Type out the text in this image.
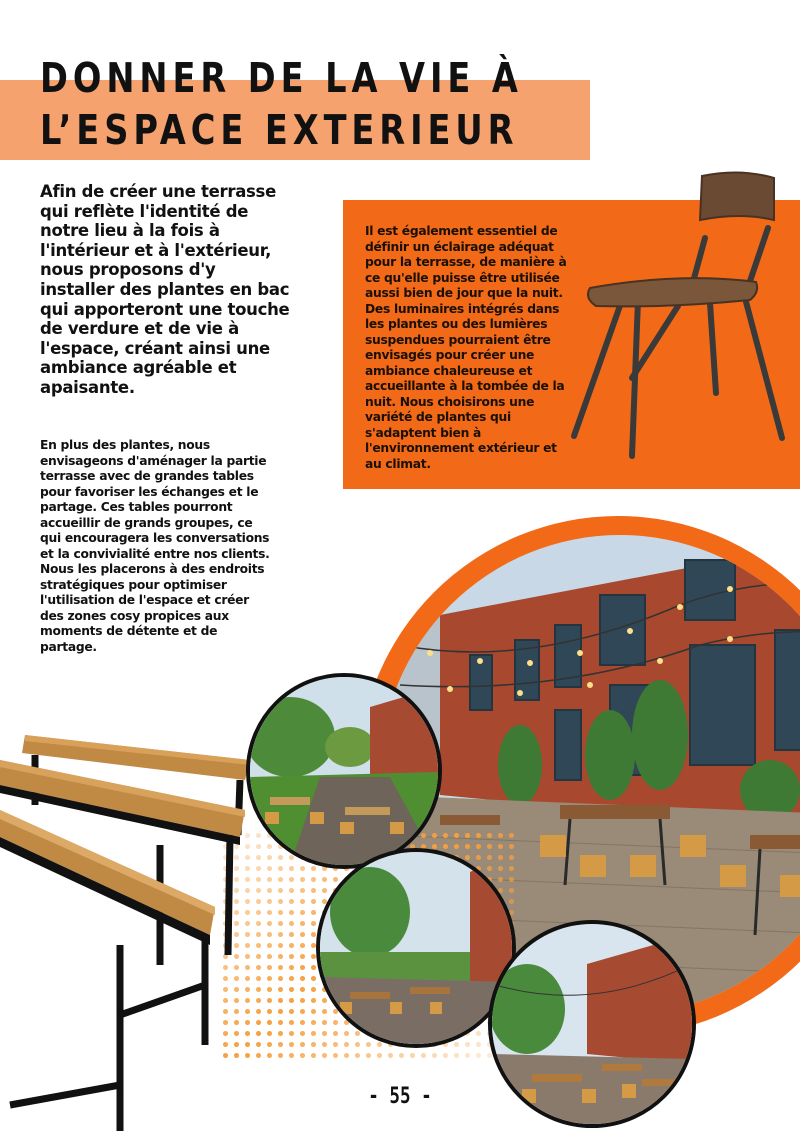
DONNER DE LA VIE À
L’ESPACE EXTERIEUR

Afin de créer une terrasse qui reflète l'identité de notre lieu à la fois à l'intérieur et à l'extérieur, nous proposons d'y installer des plantes en bac qui apporteront une touche de verdure et de vie à l'espace, créant ainsi une ambiance agréable et apaisante.

En plus des plantes, nous envisageons d'aménager la partie terrasse avec de grandes tables pour favoriser les échanges et le partage. Ces tables pourront accueillir de grands groupes, ce qui encouragera les conversations et la convivialité entre nos clients.

Nous les placerons à des endroits stratégiques pour optimiser l'utilisation de l'espace et créer des zones cosy propices aux moments de détente et de partage.

Il est également essentiel de définir un éclairage adéquat pour la terrasse, de manière à ce qu'elle puisse être utilisée aussi bien de jour que la nuit. Des luminaires intégrés dans les plantes ou des lumières suspendues pourraient être envisagés pour créer une ambiance chaleureuse et accueillante à la tombée de la nuit. Nous choisirons une variété de plantes qui s'adaptent bien à l'environnement extérieur et au climat.

- 55 -
